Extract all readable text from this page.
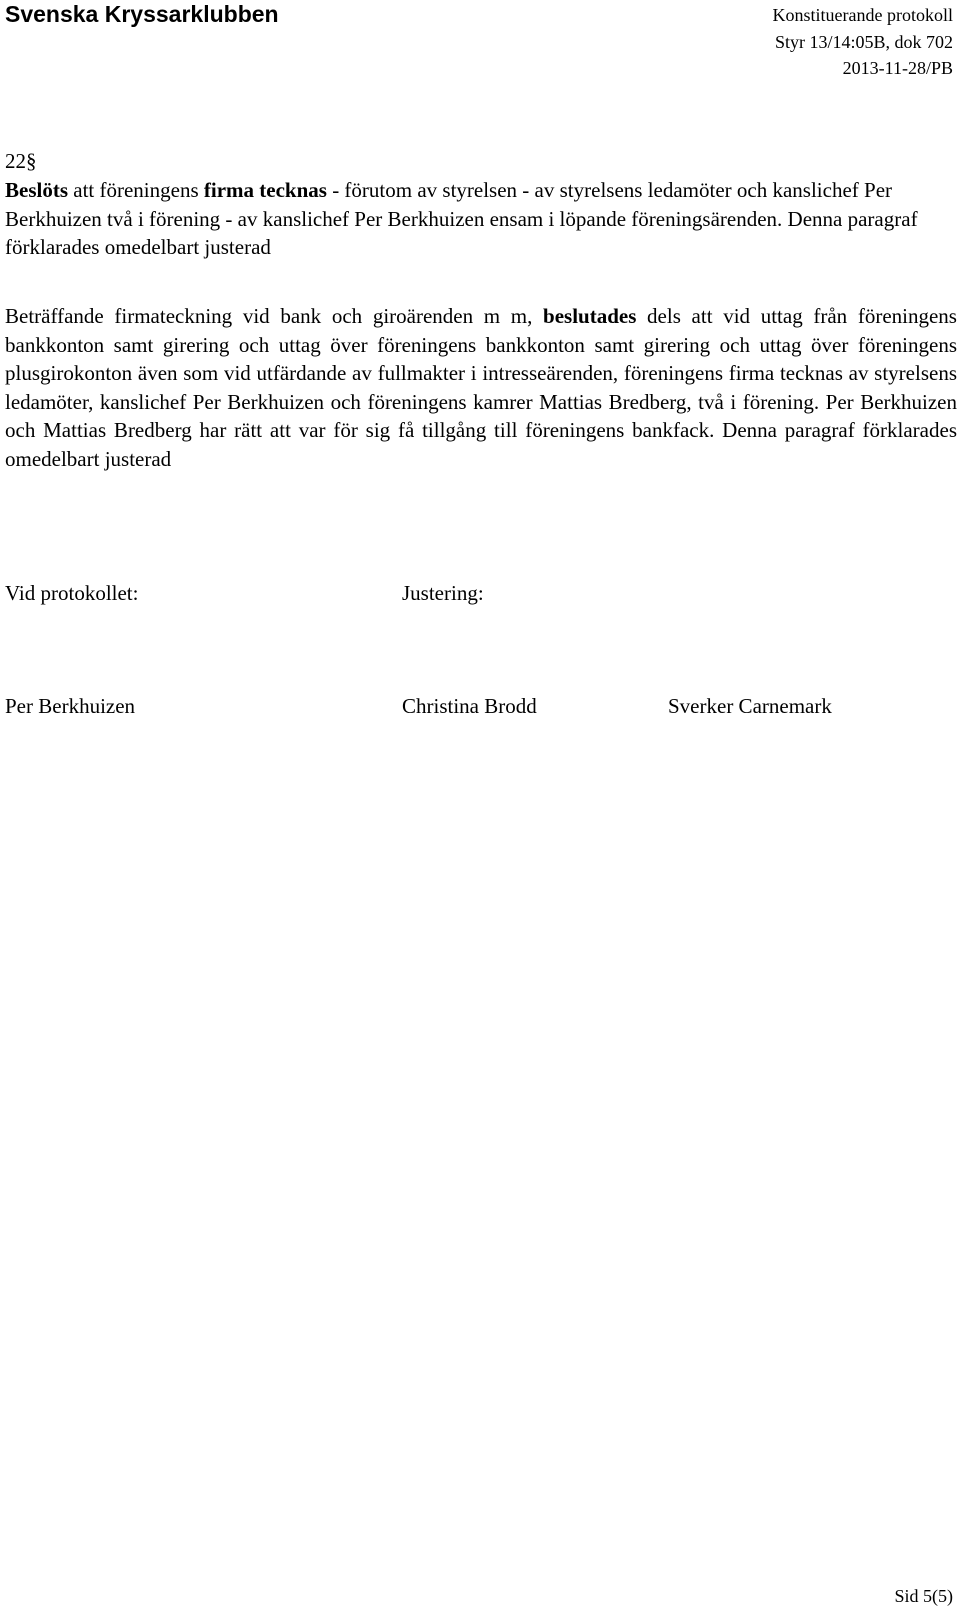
Svenska Kryssarklubben	Konstituerande protokoll
Styr 13/14:05B, dok 702
2013-11-28/PB

22§

Beslöts att föreningens firma tecknas - förutom av styrelsen - av styrelsens ledamöter och kanslichef Per Berkhuizen två i förening - av kanslichef Per Berkhuizen ensam i löpande föreningsärenden. Denna paragraf förklarades omedelbart justerad

Beträffande firmateckning vid bank och giroärenden m m, beslutades dels att vid uttag från föreningens bankkonton samt girering och uttag över föreningens bankkonton samt girering och uttag över föreningens plusgirokonton även som vid utfärdande av fullmakter i intresseärenden, föreningens firma tecknas av styrelsens ledamöter, kanslichef Per Berkhuizen och föreningens kamrer Mattias Bredberg, två i förening. Per Berkhuizen och Mattias Bredberg har rätt att var för sig få tillgång till föreningens bankfack. Denna paragraf förklarades omedelbart justerad
Vid protokollet:	Justering:
Per Berkhuizen	Christina Brodd	Sverker Carnemark
Sid 5(5)
